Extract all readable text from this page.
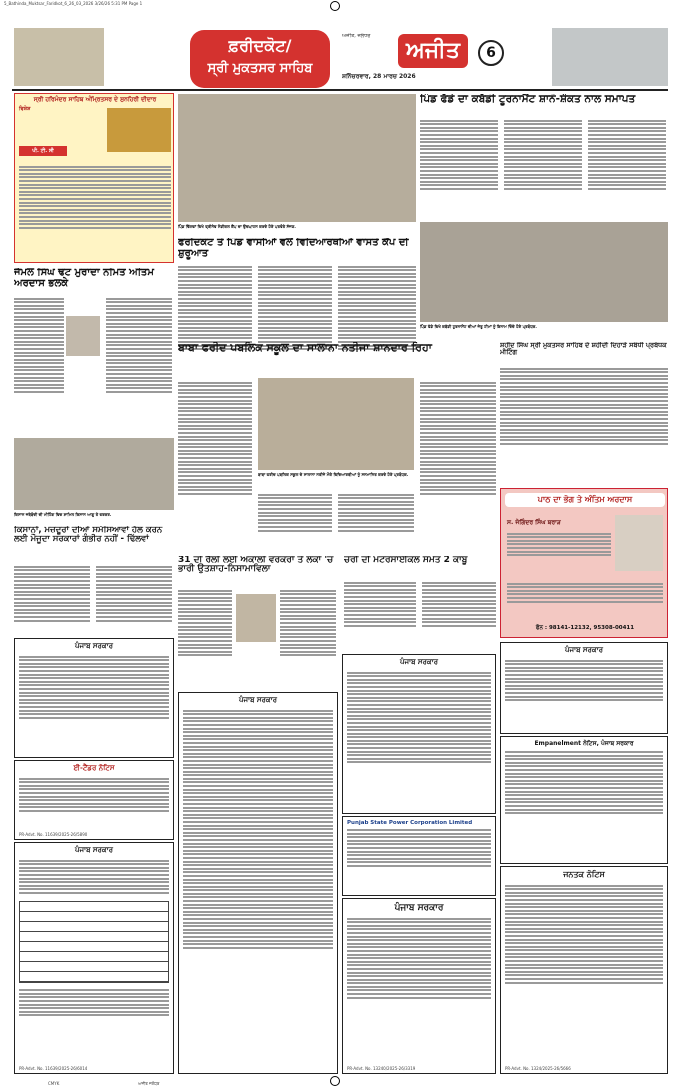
5_Bathinda_Muktsar_Faridkot_6_26_03_2026 3/26/26 5:31 PM Page 1
CMYK	ਅਜੀਤ ਜਲੰਧਰ
ਫ਼ਰੀਦਕੋਟ/
ਸ੍ਰੀ ਮੁਕਤਸਰ ਸਾਹਿਬ
ਅਜੀਤ, ਜਲੰਧਰ
ਅਜੀਤ
ਸ਼ਨਿੱਚਰਵਾਰ, 28 ਮਾਰਚ 2026
6
ਸ੍ਰੀ ਹਰਿਮੰਦਰ ਸਾਹਿਬ ਅੰਮ੍ਰਿਤਸਰ ਦੇ ਸੁਨਹਿਰੀ ਦੀਦਾਰ
ਵਿਸ਼ੇਸ਼
ਪੀ. ਟੀ. ਸੀ
ਪਿੰਡ ਢਿੱਲਵਾਂ ਵਿਖੇ ਫ੍ਰੀਨੇਵ ਮੈਡੀਕਲ ਕੈਂਪ ਦਾ ਉਦਘਾਟਨ ਕਰਦੇ ਹੋਏ ਪਤਵੰਤੇ ਸੱਜਣ.
ਫਰੀਦਕੋਟ ਤੇ ਪਿੰਡ ਵਾਸੀਆਂ ਵਲੋਂ ਵਿਦਿਆਰਥੀਆਂ ਵਾਸਤੇ ਕੈਂਪ ਦੀ ਸ਼ੁਰੂਆਤ
ਪਿੰਡ ਫੱਡੇ ਦਾ ਕਬੱਡੀ ਟੂਰਨਾਮੈਂਟ ਸ਼ਾਨੋ-ਸ਼ੌਕਤ ਨਾਲ ਸਮਾਪਤ
ਪਿੰਡ ਫੱਡੇ ਵਿਖੇ ਕਬੱਡੀ ਟੂਰਨਾਮੈਂਟ ਦੀਆਂ ਜੇਤੂ ਟੀਮਾਂ ਨੂੰ ਇਨਾਮ ਦਿੰਦੇ ਹੋਏ ਪ੍ਰਬੰਧਕ.
ਜੈਮਲ ਸਿੰਘ ਢੋਟ ਮੁਰਾਦਾ ਨਮਿਤ ਅੰਤਿਮ ਅਰਦਾਸ ਭਲਕੇ
ਕਿਸਾਨ ਜਥੇਬੰਦੀ ਦੀ ਮੀਟਿੰਗ ਵਿਚ ਸ਼ਾਮਿਲ ਕਿਸਾਨ ਆਗੂ ਤੇ ਵਰਕਰ.
ਕਿਸਾਨਾਂ, ਮਜ਼ਦੂਰਾਂ ਦੀਆਂ ਸਮੱਸਿਆਵਾਂ ਹੱਲ ਕਰਨ ਲਈ ਮੌਜੂਦਾ ਸਰਕਾਰਾਂ ਗੰਭੀਰ ਨਹੀਂ - ਢਿੱਲਵਾਂ
ਬਾਬਾ ਫਰੀਦ ਪਬਲਿਕ ਸਕੂਲ ਦਾ ਸਾਲਾਨਾ ਨਤੀਜਾ ਸ਼ਾਨਦਾਰ ਰਿਹਾ
ਬਾਬਾ ਫਰੀਦ ਪਬਲਿਕ ਸਕੂਲ ਦੇ ਸਾਲਾਨਾ ਨਤੀਜੇ ਮੌਕੇ ਵਿਦਿਆਰਥੀਆਂ ਨੂੰ ਸਨਮਾਨਿਤ ਕਰਦੇ ਹੋਏ ਪ੍ਰਬੰਧਕ.
ਸ਼ਹੀਦ ਸਿੰਘ ਸ੍ਰੀ ਮੁਕਤਸਰ ਸਾਹਿਬ ਦੇ ਸ਼ਹੀਦੀ ਦਿਹਾੜੇ ਸਬੰਧੀ ਪ੍ਰਬੰਧਕ ਮੀਟਿੰਗ
ਪਾਠ ਦਾ ਭੋਗ ਤੇ ਅੰਤਿਮ ਅਰਦਾਸ
ਸ. ਜੋਗਿੰਦਰ ਸਿੰਘ ਬਰਾੜ
ਫੋਨ : 98141-12132, 95308-00411
31 ਦੀ ਰੈਲੀ ਲਈ ਅਕਾਲੀ ਵਰਕਰਾਂ ਤੇ ਲੋਕਾਂ 'ਚ ਭਾਰੀ ਉਤਸ਼ਾਹ-ਨਿਸਾਮਾਵਿਲਾ
ਚੋਰੀ ਦੀ ਮੋਟਰਸਾਈਕਲ ਸਮੇਤ 2 ਕਾਬੂ
ਪੰਜਾਬ ਸਰਕਾਰ
ਈ-ਟੈਂਡਰ ਨੋਟਿਸ
PR-Advt. No. 11639/2025-26/5890
ਪੰਜਾਬ ਸਰਕਾਰ
PR-Advt. No. 11639/2025-26/6014
ਪੰਜਾਬ ਸਰਕਾਰ
ਪੰਜਾਬ ਸਰਕਾਰ
Punjab State Power Corporation Limited
ਪੰਜਾਬ ਸਰਕਾਰ
PR-Advt. No. 13240/2025-26/3319
ਪੰਜਾਬ ਸਰਕਾਰ
Empanelment ਨੋਟਿਸ, ਪੰਜਾਬ ਸਰਕਾਰ
ਜਨਤਕ ਨੋਟਿਸ
PR-Advt. No. 1324/2025-26/5666
